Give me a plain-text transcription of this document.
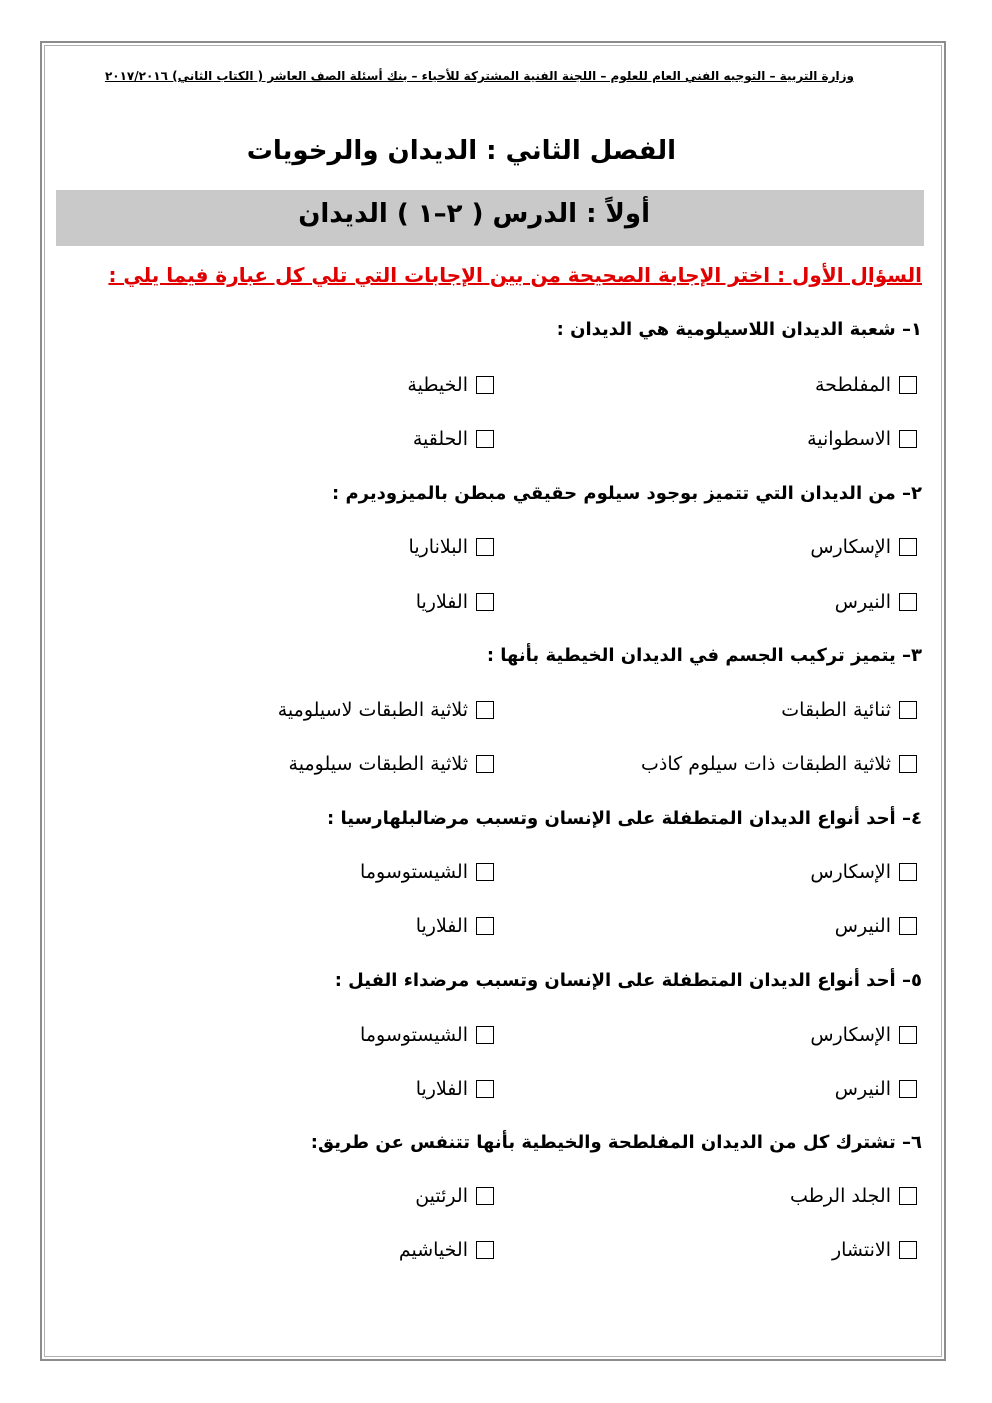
وزارة التربية – التوجيه الفني العام للعلوم – اللجنة الفنية المشتركة للأحياء – بنك أسئلة الصف العاشر ( الكتاب الثاني) ٢٠١٧/٢٠١٦
الفصل الثاني : الديدان والرخويات
أولاً : الدرس ( ٢–١ ) الديدان
السؤال الأول : اختر الإجابة الصحيحة من بين الإجابات التي تلي كل عبارة فيما يلي :
١– شعبة الديدان اللاسيلومية هي الديدان :
المفلطحة
الخيطية
الاسطوانية
الحلقية
٢– من الديدان التي تتميز بوجود سيلوم حقيقي مبطن بالميزوديرم :
الإسكارس
البلاناريا
النيرس
الفلاريا
٣– يتميز تركيب الجسم في الديدان الخيطية بأنها :
ثنائية الطبقات
ثلاثية الطبقات لاسيلومية
ثلاثية الطبقات ذات سيلوم كاذب
ثلاثية الطبقات سيلومية
٤– أحد أنواع الديدان المتطفلة على الإنسان وتسبب مرضالبلهارسيا :
الإسكارس
الشيستوسوما
النيرس
الفلاريا
٥– أحد أنواع الديدان المتطفلة على الإنسان وتسبب مرضداء الفيل :
الإسكارس
الشيستوسوما
النيرس
الفلاريا
٦– تشترك كل من الديدان المفلطحة والخيطية بأنها تتنفس عن طريق:
الجلد الرطب
الرئتين
الانتشار
الخياشيم
